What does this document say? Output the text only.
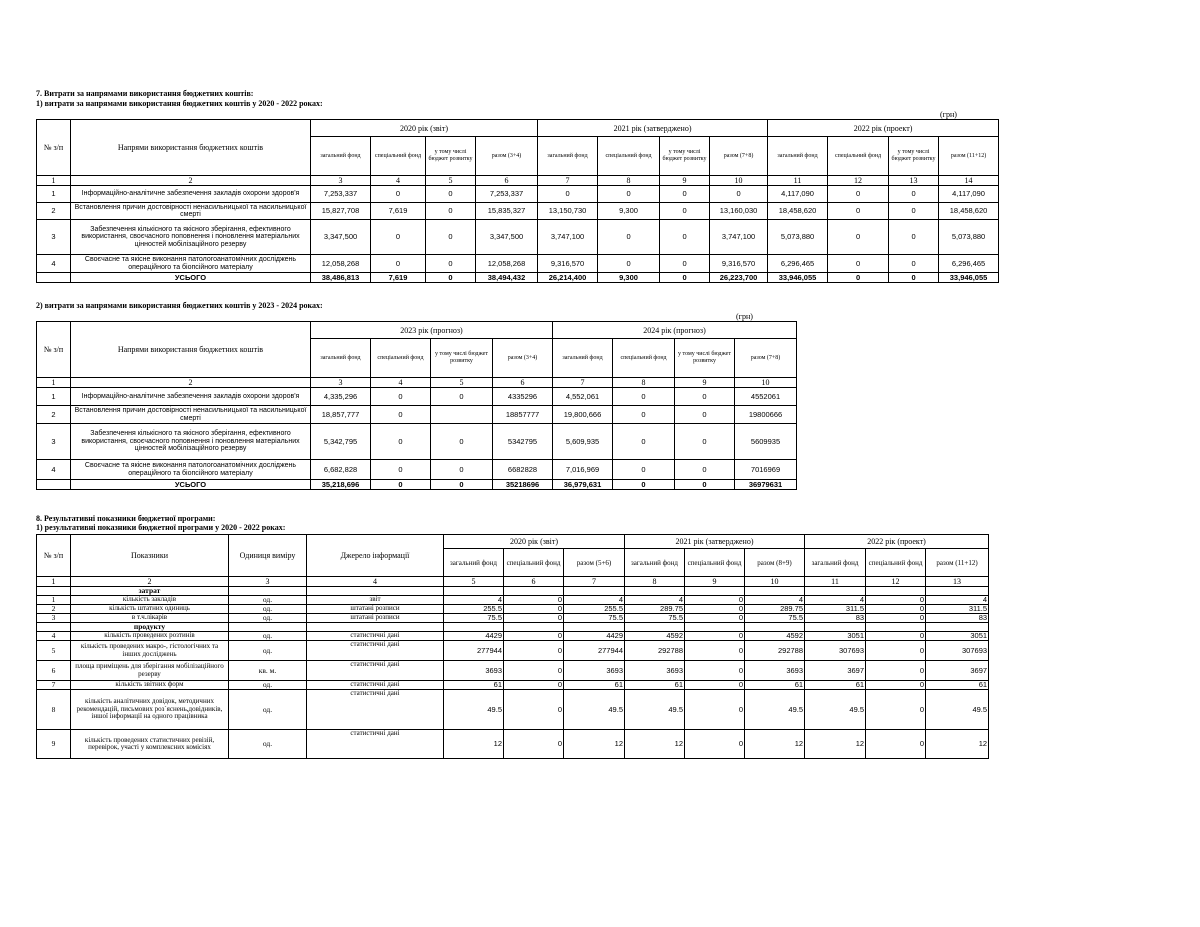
7. Витрати за напрямами використання бюджетних коштів:
1) витрати за напрямами використання бюджетних коштів у 2020 - 2022 роках:
(грн)
№ з/п	Напрями використання бюджетних коштів	2020 рік (звіт)				2021 рік (затверджено)				2022 рік (проект)			
		загальний фонд	спеціальний фонд	у тому числі бюджет розвитку	разом (3+4)	загальний фонд	спеціальний фонд	у тому числі бюджет розвитку	разом (7+8)	загальний фонд	спеціальний фонд	у тому числі бюджет розвитку	разом (11+12)
1	2	3	4	5	6	7	8	9	10	11	12	13	14
1	Інформаційно-аналітичне забезпечення закладів охорони здоров'я	7,253,337	0	0	7,253,337	0	0	0	0	4,117,090	0	0	4,117,090
2	Встановлення причин достовірності ненасильницької та насильницької смерті	15,827,708	7,619	0	15,835,327	13,150,730	9,300	0	13,160,030	18,458,620	0	0	18,458,620
3	Забезпечення кількісного та якісного зберігання, ефективного використання, своєчасного поповнення і поновлення матеріальних цінностей мобілізаційного резерву	3,347,500	0	0	3,347,500	3,747,100	0	0	3,747,100	5,073,880	0	0	5,073,880
4	Своєчасне та якісне виконання патологоанатомічних досліджень операційного та біопсійного матеріалу	12,058,268	0	0	12,058,268	9,316,570	0	0	9,316,570	6,296,465	0	0	6,296,465
	УСЬОГО	38,486,813	7,619	0	38,494,432	26,214,400	9,300	0	26,223,700	33,946,055	0	0	33,946,055
2) витрати за напрямами використання бюджетних коштів у 2023 - 2024 роках:
(грн)
№ з/п	Напрями використання бюджетних коштів	2023 рік (прогноз)				2024 рік (прогноз)			
		загальний фонд	спеціальний фонд	у тому числі бюджет розвитку	разом (3+4)	загальний фонд	спеціальний фонд	у тому числі бюджет розвитку	разом (7+8)
1	2	3	4	5	6	7	8	9	10
1	Інформаційно-аналітичне забезпечення закладів охорони здоров'я	4,335,296	0	0	4335296	4,552,061	0	0	4552061
2	Встановлення причин достовірності ненасильницької та насильницької смерті	18,857,777	0		18857777	19,800,666	0	0	19800666
3	Забезпечення кількісного та якісного зберігання, ефективного використання, своєчасного поповнення і поновлення матеріальних цінностей мобілізаційного резерву	5,342,795	0	0	5342795	5,609,935	0	0	5609935
4	Своєчасне та якісне виконання патологоанатомічних досліджень операційного та біопсійного матеріалу	6,682,828	0	0	6682828	7,016,969	0	0	7016969
	УСЬОГО	35,218,696	0	0	35218696	36,979,631	0	0	36979631
8. Результативні показники бюджетної програми:
1) результативні показники бюджетної програми у 2020 - 2022 роках:
№ з/п	Показники	Одиниця виміру	Джерело інформації	2020 рік (звіт)			2021 рік (затверджено)			2022 рік (проект)		
				загальний фонд	спеціальний фонд	разом (5+6)	загальний фонд	спеціальний фонд	разом (8+9)	загальний фонд	спеціальний фонд	разом (11+12)
1	2	3	4	5	6	7	8	9	10	11	12	13
	затрат											
1	кількість закладів	од.	звіт	4	0	4	4	0	4	4	0	4
2	кількість штатних одиниць	од.	штатані розписи	255.5	0	255.5	289.75	0	289.75	311.5	0	311.5
3	в т.ч.лікарів	од.	штатані розписи	75.5	0	75.5	75.5	0	75.5	83	0	83
	продукту											
4	кількість проведених розтинів	од.	статистичні дані	4429	0	4429	4592	0	4592	3051	0	3051
5	кількість проведених макро-, гістологічних та інших досліджень	од.	статистичні дані	277944	0	277944	292788	0	292788	307693	0	307693
6	площа приміщень для зберігання мобілізаційного резерву	кв. м.	статистичні дані	3693	0	3693	3693	0	3693	3697	0	3697
7	кількість звітних форм	од.	статистичні дані	61	0	61	61	0	61	61	0	61
8	кількість аналітичних довідок, методичних рекомендацій, письмових роз`яснень,довідників, іншої інформації на одного працівника	од.	статистичні дані	49.5	0	49.5	49.5	0	49.5	49.5	0	49.5
9	кількість проведених статистичних ревізій, перевірок, участі у комплексних комісіях	од.	статистичні дані	12	0	12	12	0	12	12	0	12
